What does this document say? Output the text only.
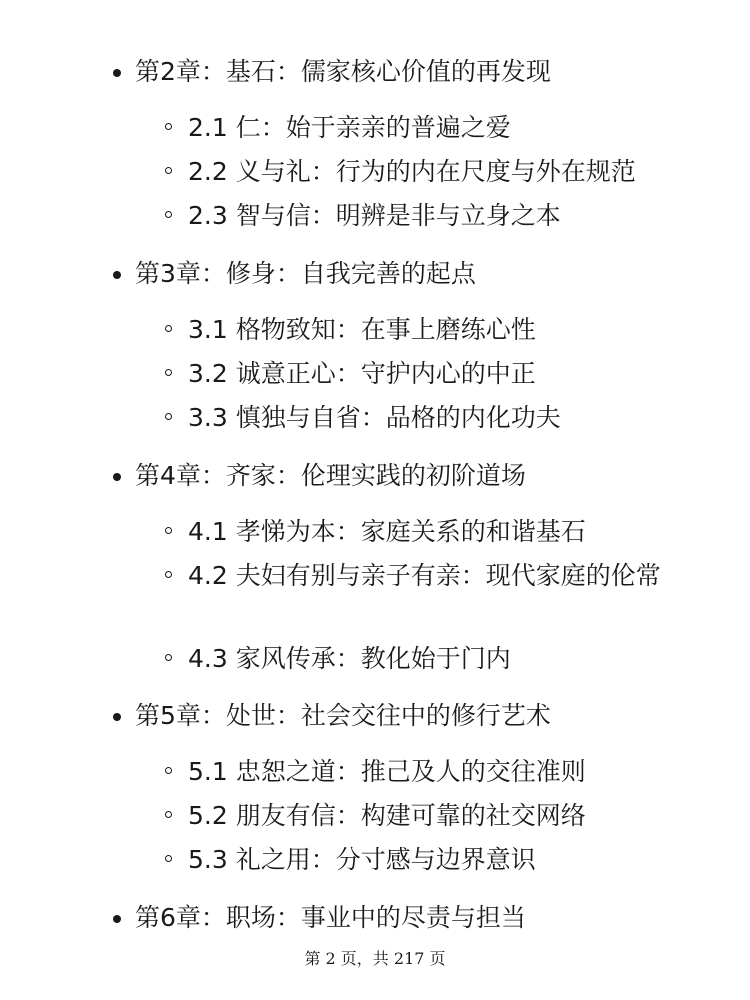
第2章：基石：儒家核心价值的再发现
2.1 仁：始于亲亲的普遍之爱
2.2 义与礼：行为的内在尺度与外在规范
2.3 智与信：明辨是非与立身之本
第3章：修身：自我完善的起点
3.1 格物致知：在事上磨练心性
3.2 诚意正心：守护内心的中正
3.3 慎独与自省：品格的内化功夫
第4章：齐家：伦理实践的初阶道场
4.1 孝悌为本：家庭关系的和谐基石
4.2 夫妇有别与亲子有亲：现代家庭的伦常
4.3 家风传承：教化始于门内
第5章：处世：社会交往中的修行艺术
5.1 忠恕之道：推己及人的交往准则
5.2 朋友有信：构建可靠的社交网络
5.3 礼之用：分寸感与边界意识
第6章：职场：事业中的尽责与担当
第 2 页，共 217 页
